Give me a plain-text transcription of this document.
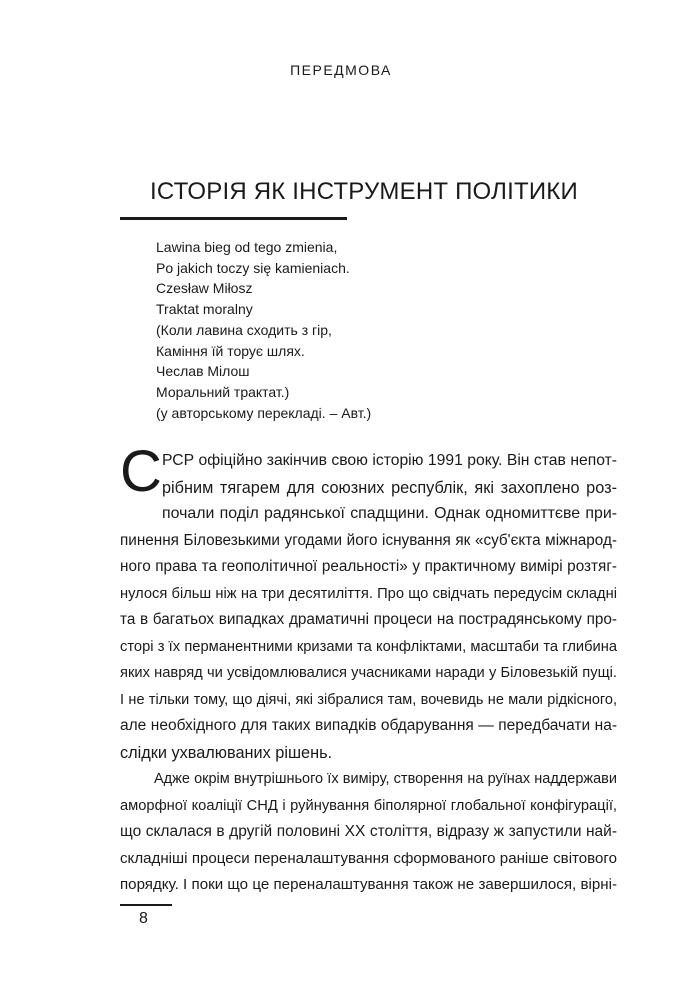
ПЕРЕДМОВА
ІСТОРІЯ ЯК ІНСТРУМЕНТ ПОЛІТИКИ
Lawina bieg od tego zmienia,
Po jakich toczy się kamieniach.
Czesław Miłosz
Traktat moralny
(Коли лавина сходить з гір,
Каміння їй торує шлях.
Чеслав Мілош
Моральний трактат.)
(у авторському перекладі. – Авт.)
С РСР офіційно закінчив свою історію 1991 року. Він став непот-
рібним тягарем для союзних республік, які захоплено роз-
почали поділ радянської спадщини. Однак одномиттєве при-
пинення Біловезькими угодами його існування як «суб'єкта міжнарод-
ного права та геополітичної реальності» у практичному вимірі розтяг-
нулося більш ніж на три десятиліття. Про що свідчать передусім складні
та в багатьох випадках драматичні процеси на пострадянському про-
сторі з їх перманентними кризами та конфліктами, масштаби та глибина
яких навряд чи усвідомлювалися учасниками наради у Біловезькій пущі.
І не тільки тому, що діячі, які зібралися там, вочевидь не мали рідкісного,
але необхідного для таких випадків обдарування — передбачати на-
слідки ухвалюваних рішень.
Адже окрім внутрішнього їх виміру, створення на руїнах наддержави
аморфної коаліції СНД і руйнування біполярної глобальної конфігурації,
що склалася в другій половині ХХ століття, відразу ж запустили най-
складніші процеси переналаштування сформованого раніше світового
порядку. І поки що це переналаштування також не завершилося, вірні-
8
